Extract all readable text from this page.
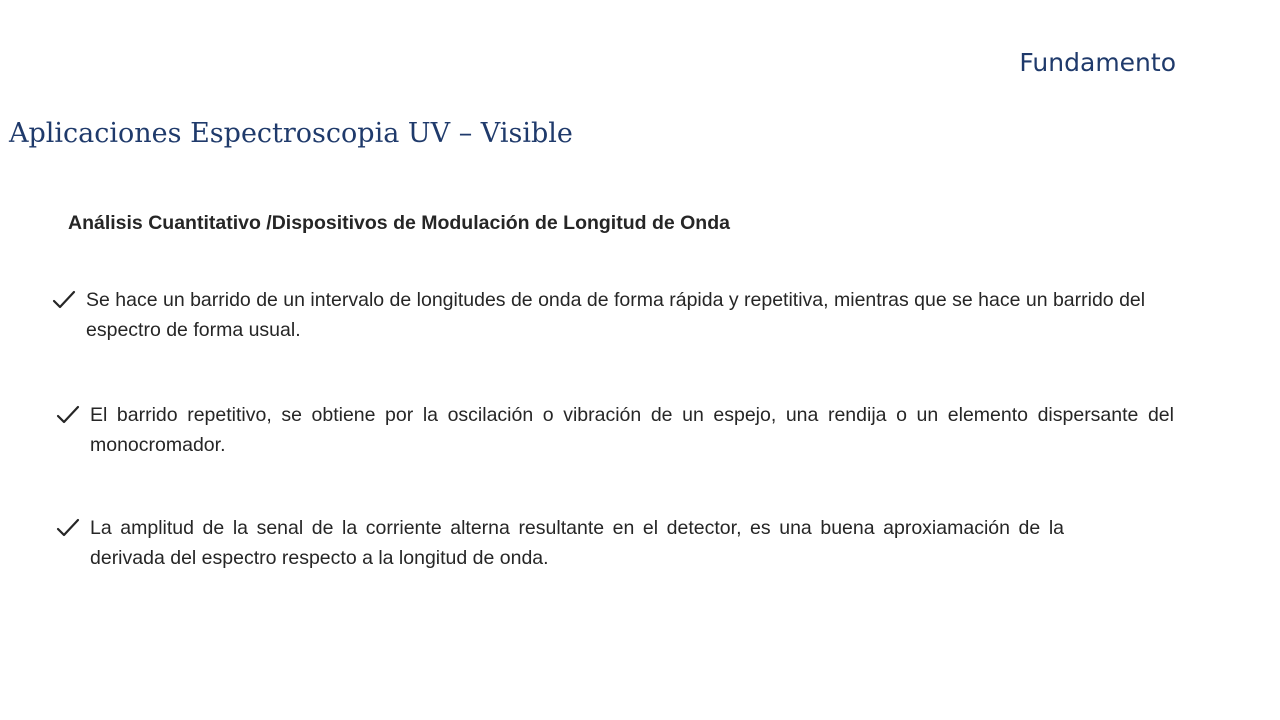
Fundamento
Aplicaciones Espectroscopia UV – Visible
Análisis Cuantitativo /Dispositivos de Modulación de Longitud de Onda

Se hace un barrido de un intervalo de longitudes de onda de forma rápida y repetitiva, mientras que se hace un barrido del espectro de forma usual.

El barrido repetitivo, se obtiene por la oscilación o vibración de un espejo, una rendija o un elemento dispersante del monocromador.

La amplitud de la senal de la corriente alterna resultante en el detector, es una buena aproxiamación de la derivada del espectro respecto a la longitud de onda.
